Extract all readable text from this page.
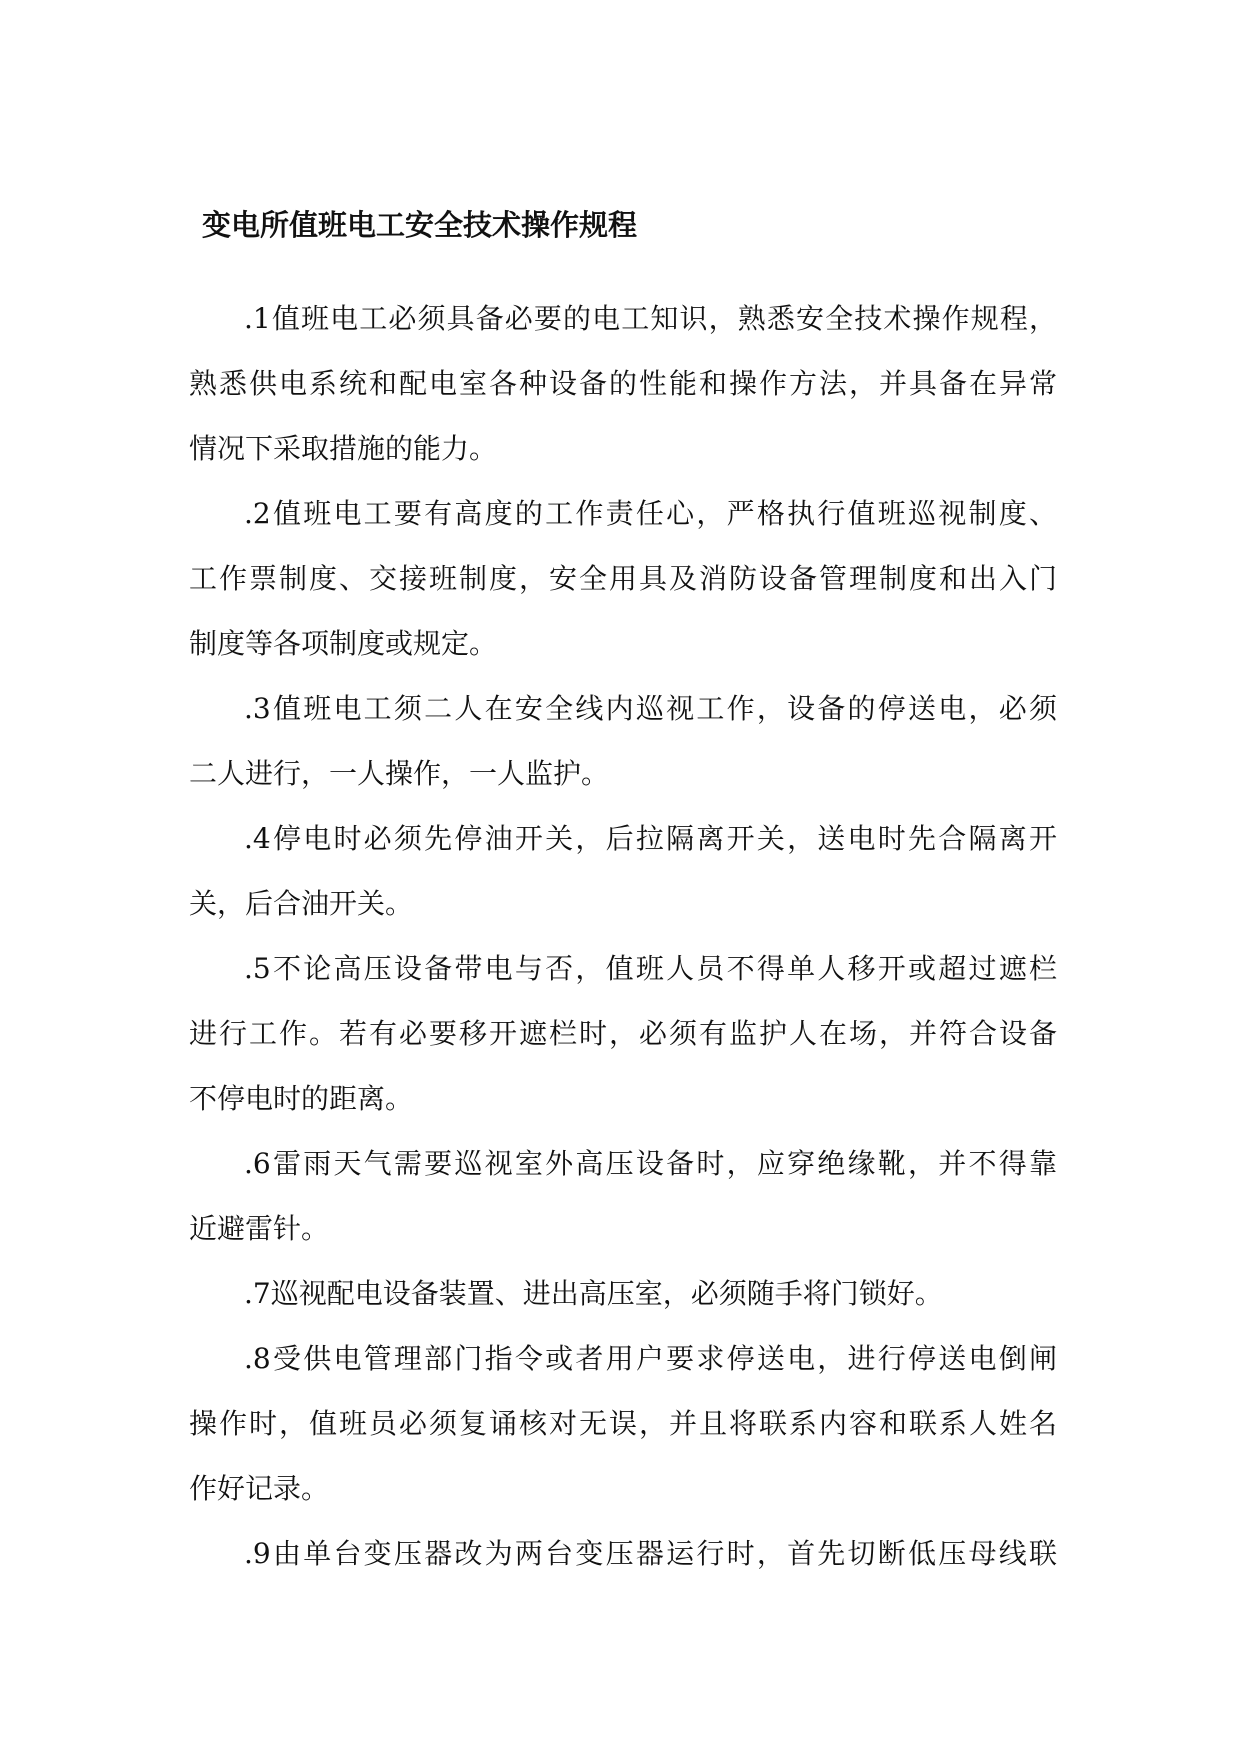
变电所值班电工安全技术操作规程
.1值班电工必须具备必要的电工知识，熟悉安全技术操作规程，
熟悉供电系统和配电室各种设备的性能和操作方法，并具备在异常
情况下采取措施的能力。
.2值班电工要有高度的工作责任心，严格执行值班巡视制度、
工作票制度、交接班制度，安全用具及消防设备管理制度和出入门
制度等各项制度或规定。
.3值班电工须二人在安全线内巡视工作，设备的停送电，必须
二人进行，一人操作，一人监护。
.4停电时必须先停油开关，后拉隔离开关，送电时先合隔离开
关，后合油开关。
.5不论高压设备带电与否，值班人员不得单人移开或超过遮栏
进行工作。若有必要移开遮栏时，必须有监护人在场，并符合设备
不停电时的距离。
.6雷雨天气需要巡视室外高压设备时，应穿绝缘靴，并不得靠
近避雷针。
.7巡视配电设备装置、进出高压室，必须随手将门锁好。
.8受供电管理部门指令或者用户要求停送电，进行停送电倒闸
操作时，值班员必须复诵核对无误，并且将联系内容和联系人姓名
作好记录。
.9由单台变压器改为两台变压器运行时，首先切断低压母线联
